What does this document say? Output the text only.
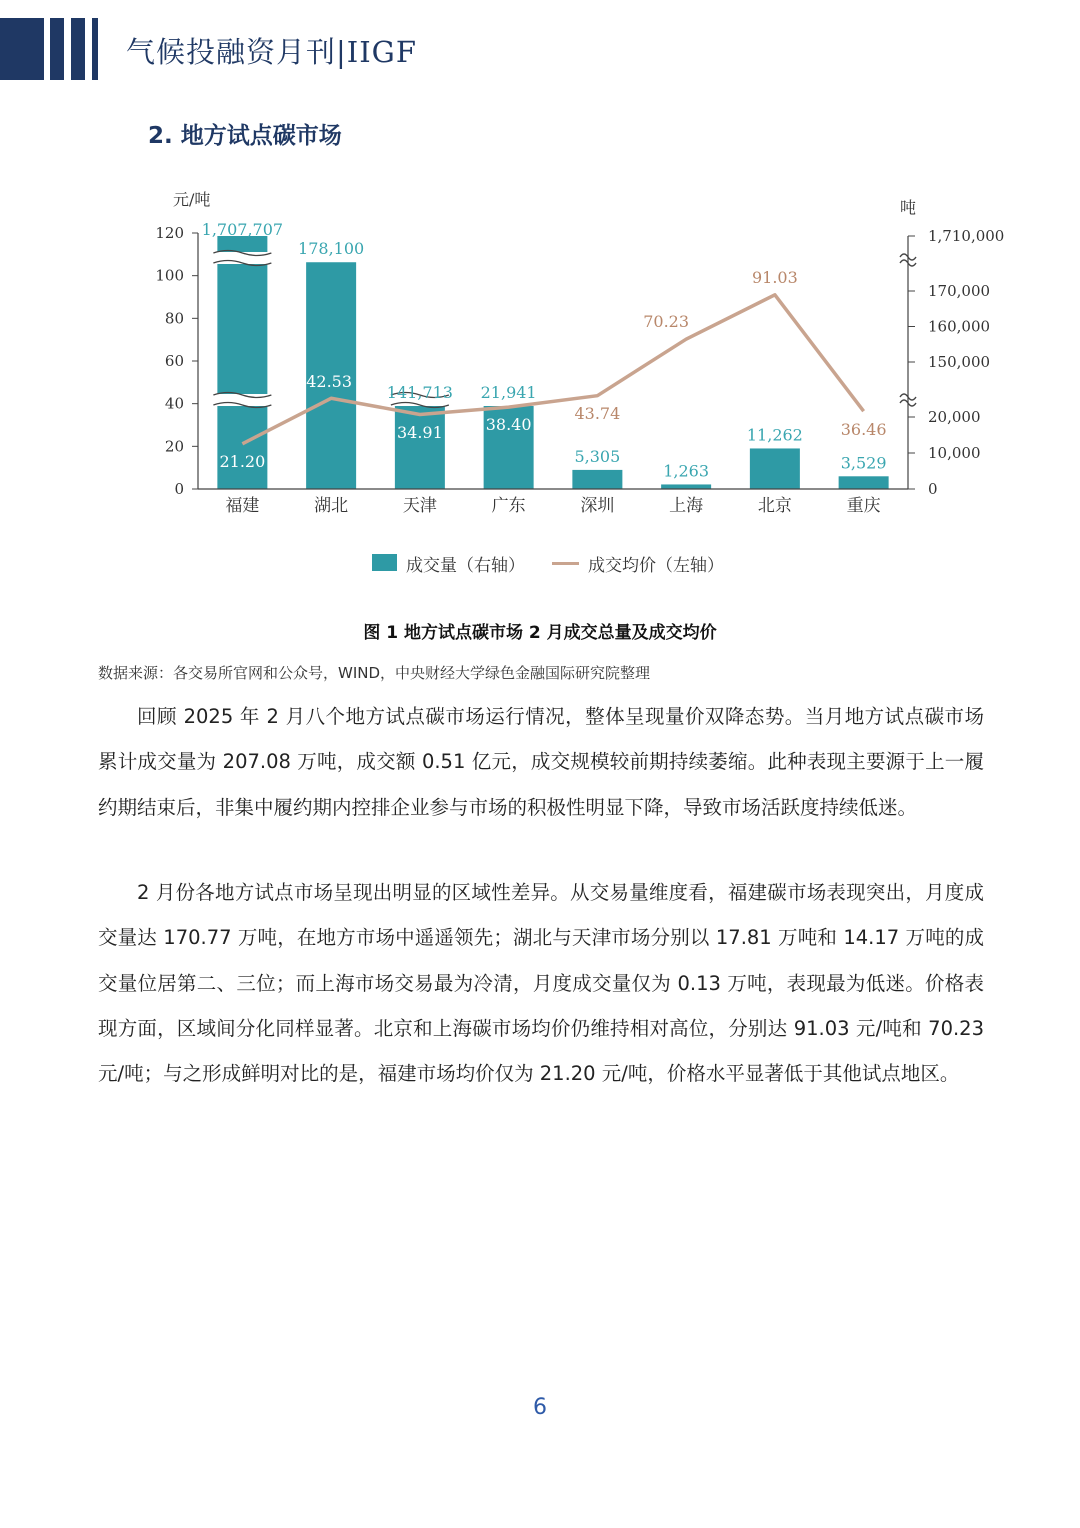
气候投融资月刊|IIGF
2. 地方试点碳市场
元/吨	吨
0
20
40
60
80
100
120
0
10,000
20,000
150,000
160,000
170,000
1,710,000
1,707,707
178,100
141,713 21,941
5,305
1,263
11,262
3,529
21.20
42.53
34.91	38.40
43.74
70.23
91.03
36.46
福建	湖北	天津	广东	深圳	上海	北京	重庆
成交量（右轴）	成交均价（左轴）
图 1 地方试点碳市场 2 月成交总量及成交均价
数据来源：各交易所官网和公众号，WIND，中央财经大学绿色金融国际研究院整理

回顾 2025 年 2 月八个地方试点碳市场运行情况，整体呈现量价双降态势。当月地方试点碳市场累计成交量为 207.08 万吨，成交额 0.51 亿元，成交规模较前期持续萎缩。此种表现主要源于上一履约期结束后，非集中履约期内控排企业参与市场的积极性明显下降，导致市场活跃度持续低迷。

2 月份各地方试点市场呈现出明显的区域性差异。从交易量维度看，福建碳市场表现突出，月度成交量达 170.77 万吨，在地方市场中遥遥领先；湖北与天津市场分别以 17.81 万吨和 14.17 万吨的成交量位居第二、三位；而上海市场交易最为冷清，月度成交量仅为 0.13 万吨，表现最为低迷。价格表现方面，区域间分化同样显著。北京和上海碳市场均价仍维持相对高位，分别达 91.03 元/吨和 70.23 元/吨；与之形成鲜明对比的是，福建市场均价仅为 21.20 元/吨，价格水平显著低于其他试点地区。

6
